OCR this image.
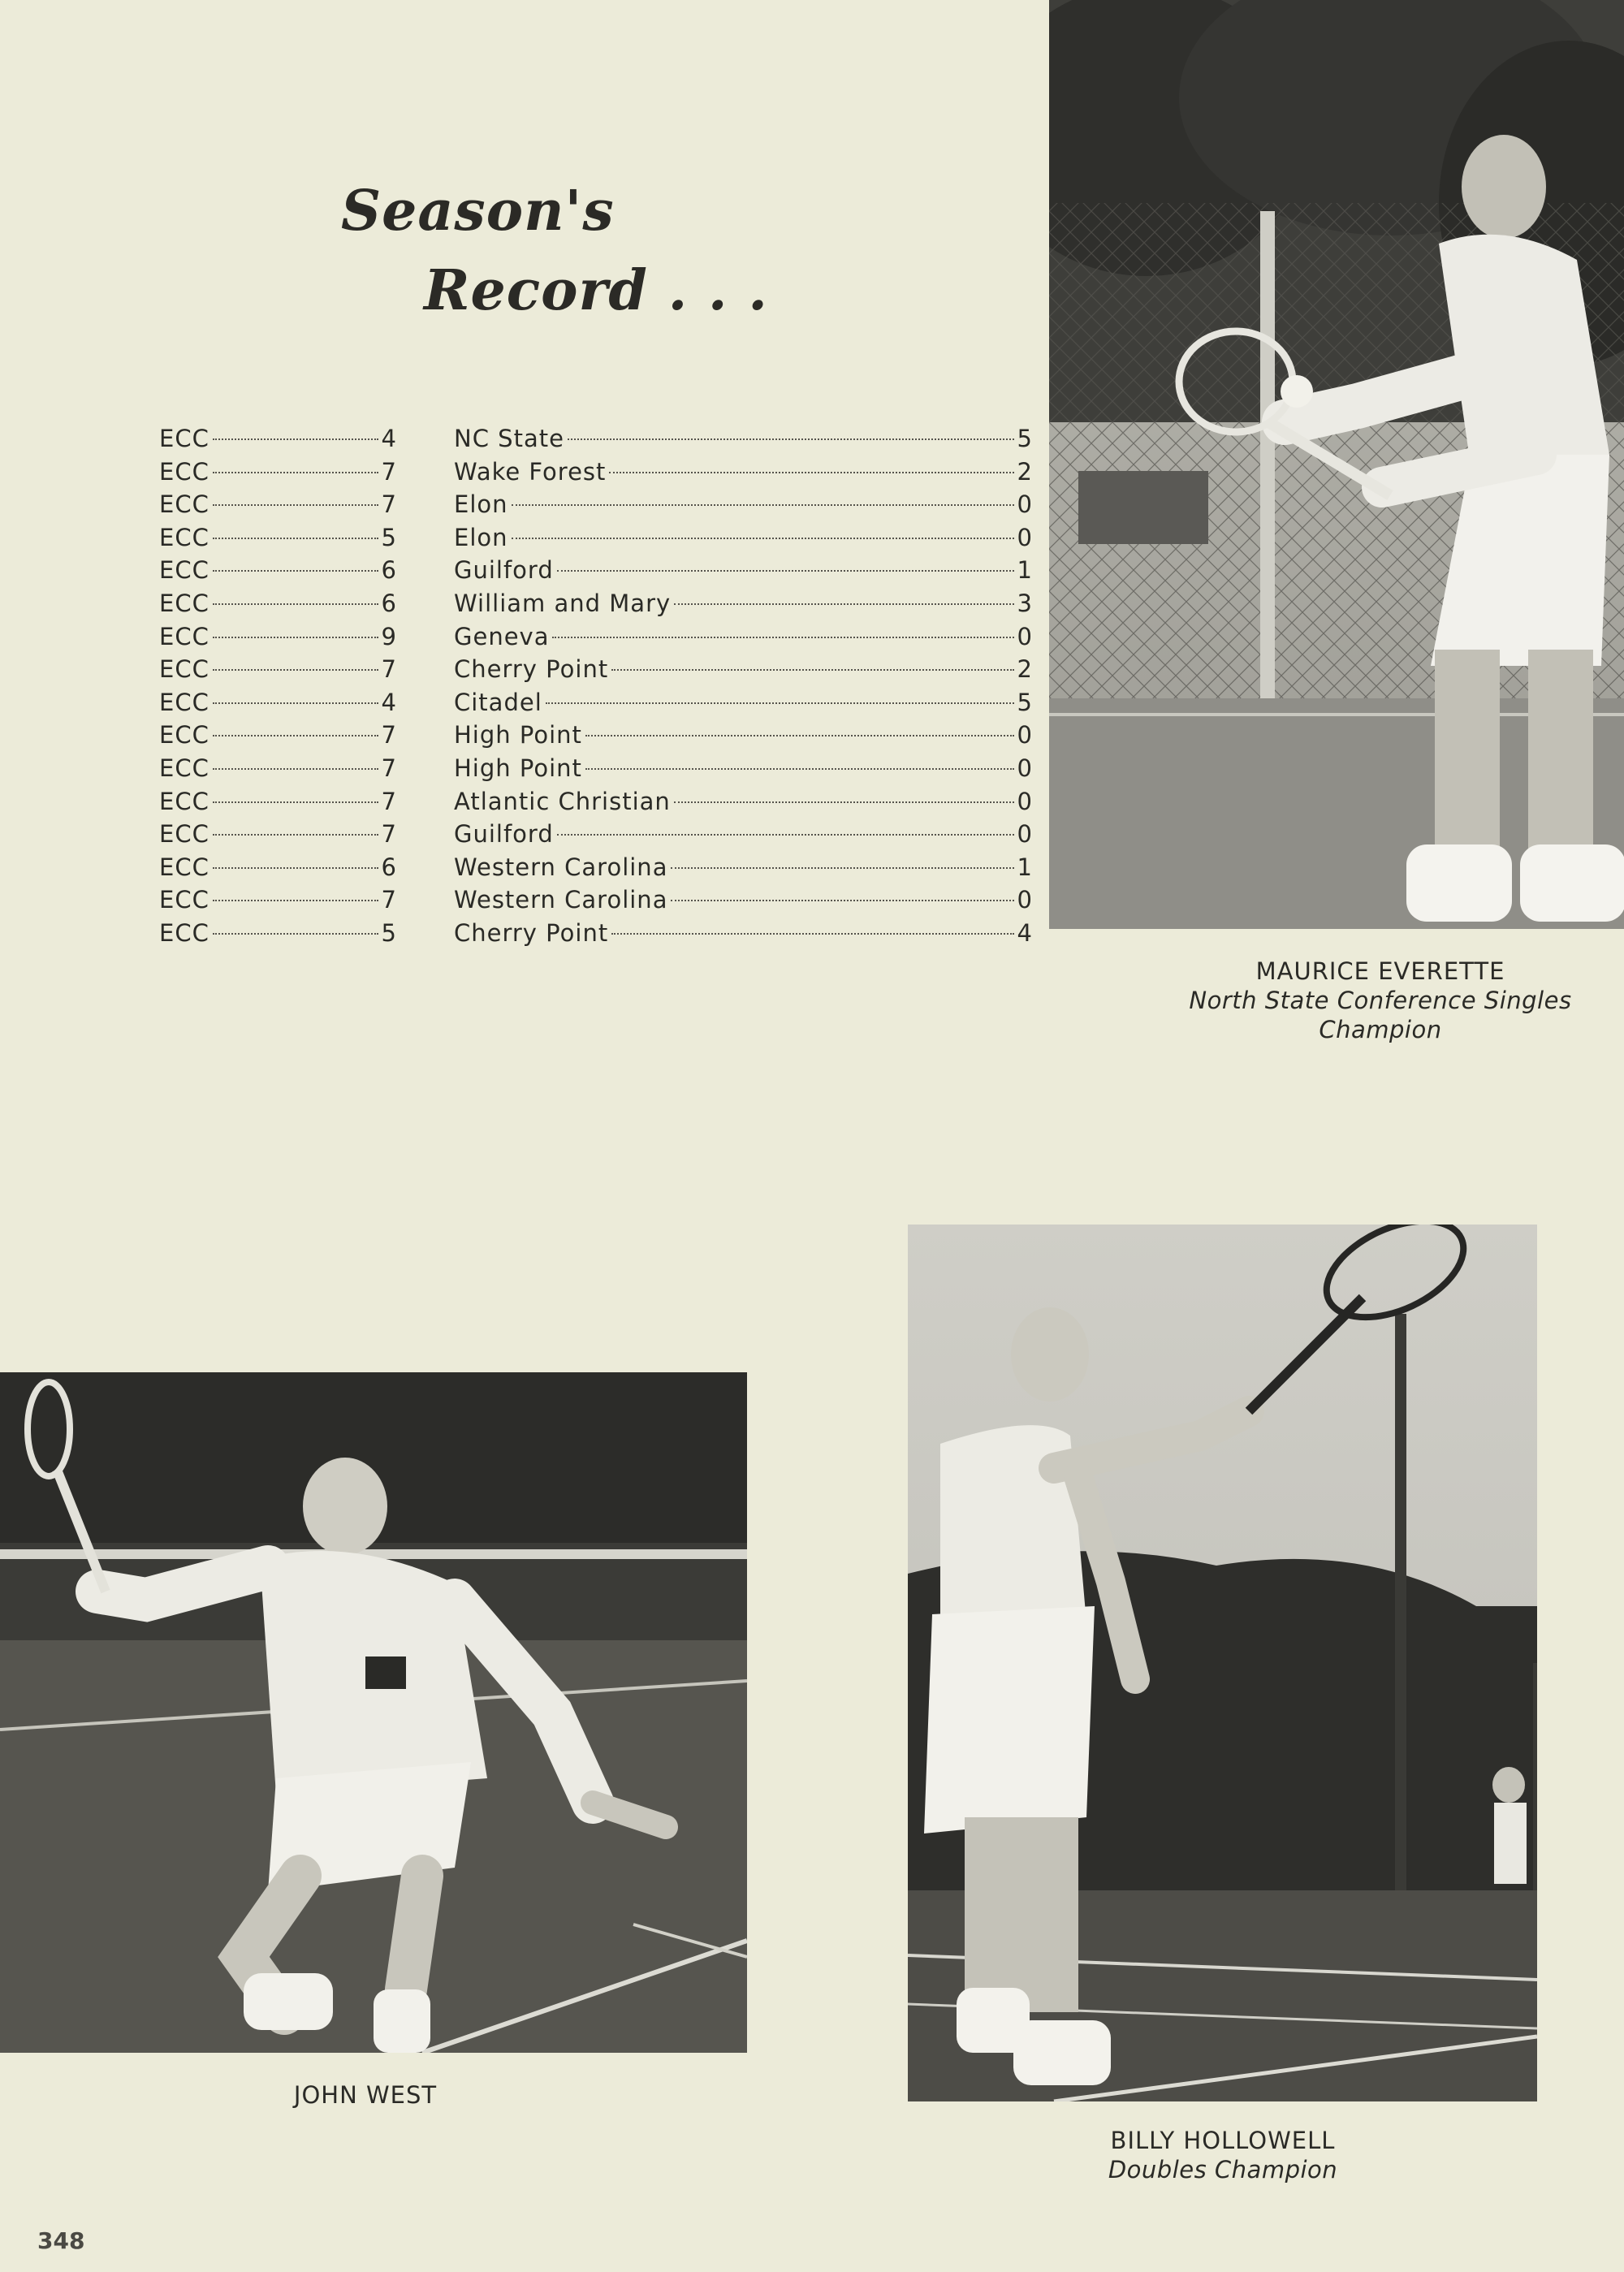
Season's
Record . . .
ECC	4 NC State	5
ECC	7 Wake Forest	2
ECC	7 Elon	0
ECC	5 Elon	0
ECC	6 Guilford	1
ECC	6 William and Mary	3
ECC	9 Geneva	0
ECC	7 Cherry Point	2
ECC	4 Citadel	5
ECC	7 High Point	0
ECC	7 High Point	0
ECC	7 Atlantic Christian	0
ECC	7 Guilford	0
ECC	6 Western Carolina	1
ECC	7 Western Carolina	0
ECC	5 Cherry Point	4
MAURICE EVERETTE
North State Conference Singles Champion
JOHN WEST
BILLY HOLLOWELL
Doubles Champion
348
